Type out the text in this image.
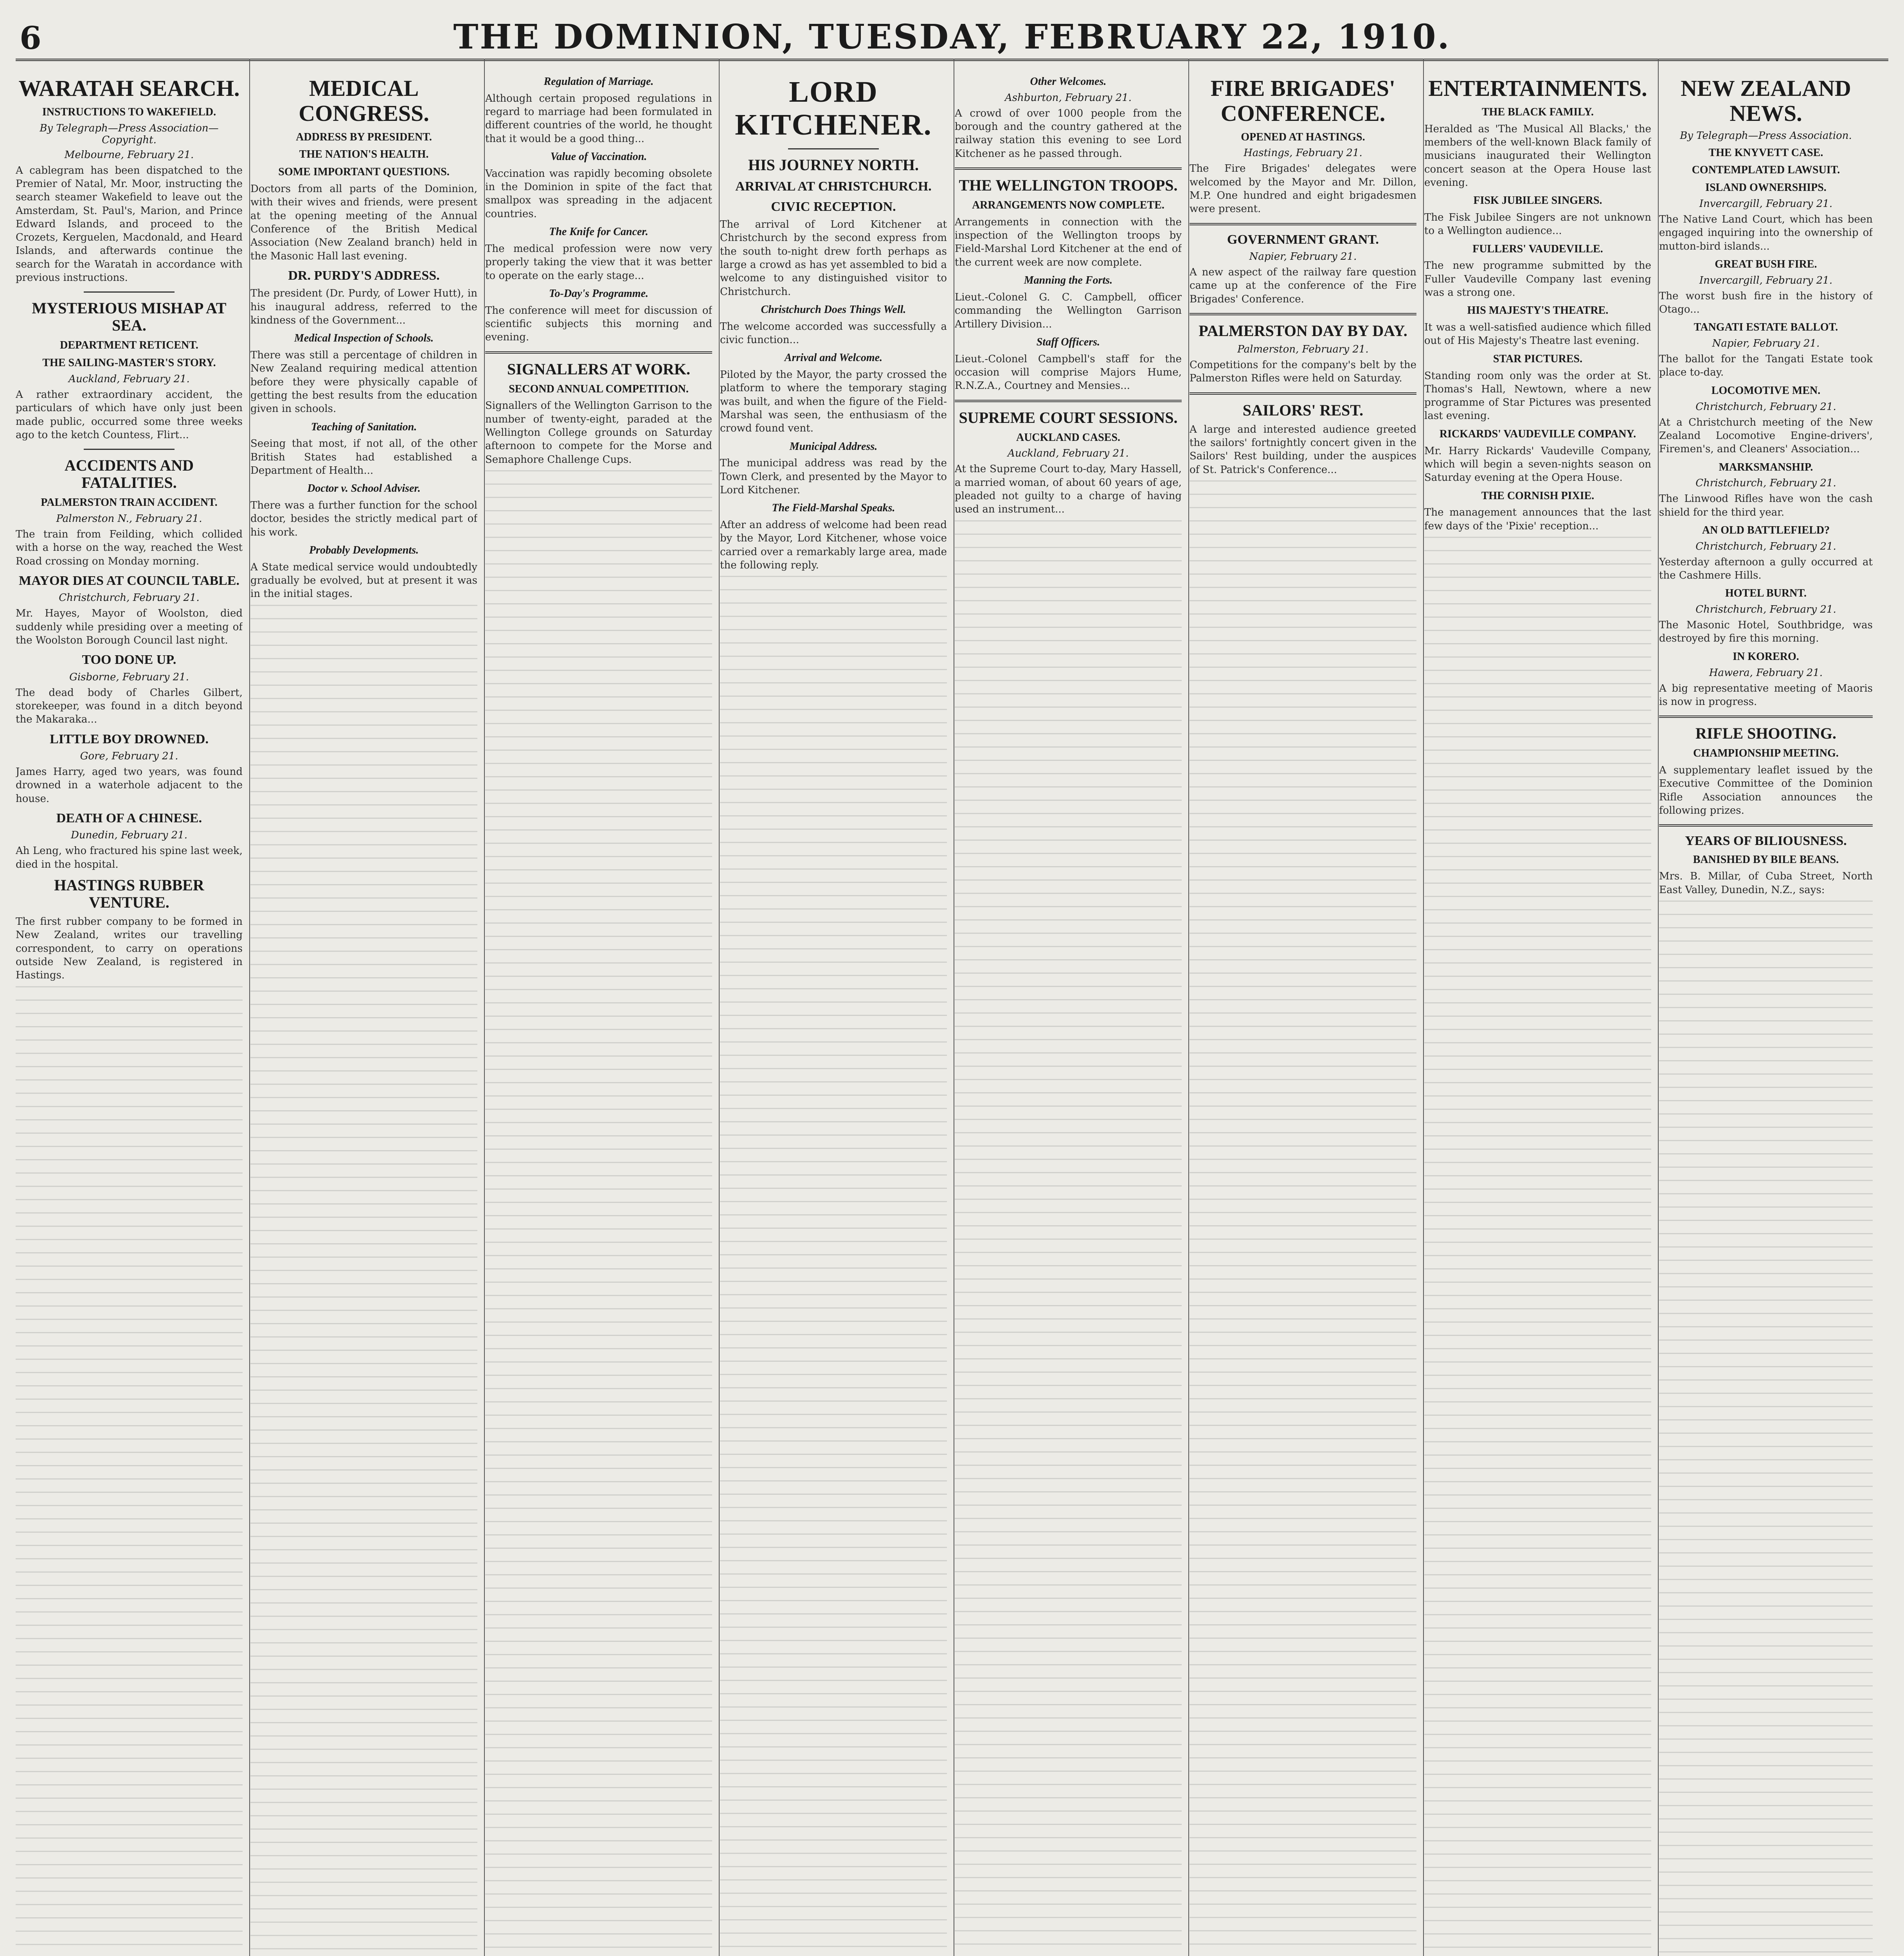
6	THE DOMINION, TUESDAY, FEBRUARY 22, 1910.
WARATAH SEARCH.
INSTRUCTIONS TO WAKEFIELD.
By Telegraph—Press Association—Copyright.
Melbourne, February 21.
A cablegram has been dispatched to the Premier of Natal, Mr. Moor, instructing the search steamer Wakefield to leave out the Amsterdam, St. Paul's, Marion, and Prince Edward Islands, and proceed to the Crozets, Kerguelen, Macdonald, and Heard Islands, and afterwards continue the search for the Waratah in accordance with previous instructions.
MYSTERIOUS MISHAP AT SEA.
DEPARTMENT RETICENT.
THE SAILING-MASTER'S STORY.
Auckland, February 21.
A rather extraordinary accident, the particulars of which have only just been made public, occurred some three weeks ago to the ketch Countess, Flirt...
ACCIDENTS AND FATALITIES.
PALMERSTON TRAIN ACCIDENT.
Palmerston N., February 21.
The train from Feilding, which collided with a horse on the way, reached the West Road crossing on Monday morning.
MAYOR DIES AT COUNCIL TABLE.
Christchurch, February 21.
Mr. Hayes, Mayor of Woolston, died suddenly while presiding over a meeting of the Woolston Borough Council last night.
TOO DONE UP.
Gisborne, February 21.
The dead body of Charles Gilbert, storekeeper, was found in a ditch beyond the Makaraka...
LITTLE BOY DROWNED.
Gore, February 21.
James Harry, aged two years, was found drowned in a waterhole adjacent to the house.
DEATH OF A CHINESE.
Dunedin, February 21.
Ah Leng, who fractured his spine last week, died in the hospital.
HASTINGS RUBBER VENTURE.
The first rubber company to be formed in New Zealand, writes our travelling correspondent, to carry on operations outside New Zealand, is registered in Hastings.
MEDICAL CONGRESS.
ADDRESS BY PRESIDENT.
THE NATION'S HEALTH.
SOME IMPORTANT QUESTIONS.
Doctors from all parts of the Dominion, with their wives and friends, were present at the opening meeting of the Annual Conference of the British Medical Association (New Zealand branch) held in the Masonic Hall last evening.
DR. PURDY'S ADDRESS.
The president (Dr. Purdy, of Lower Hutt), in his inaugural address, referred to the kindness of the Government...
Medical Inspection of Schools.
There was still a percentage of children in New Zealand requiring medical attention before they were physically capable of getting the best results from the education given in schools.
Teaching of Sanitation.
Seeing that most, if not all, of the other British States had established a Department of Health...
Doctor v. School Adviser.
There was a further function for the school doctor, besides the strictly medical part of his work.
Probably Developments.
A State medical service would undoubtedly gradually be evolved, but at present it was in the initial stages.
Regulation of Marriage.
Although certain proposed regulations in regard to marriage had been formulated in different countries of the world, he thought that it would be a good thing...
Value of Vaccination.
Vaccination was rapidly becoming obsolete in the Dominion in spite of the fact that smallpox was spreading in the adjacent countries.
The Knife for Cancer.
The medical profession were now very properly taking the view that it was better to operate on the early stage...
To-Day's Programme.
The conference will meet for discussion of scientific subjects this morning and evening.
SIGNALLERS AT WORK.
SECOND ANNUAL COMPETITION.
Signallers of the Wellington Garrison to the number of twenty-eight, paraded at the Wellington College grounds on Saturday afternoon to compete for the Morse and Semaphore Challenge Cups.
LORD KITCHENER.
HIS JOURNEY NORTH.
ARRIVAL AT CHRISTCHURCH.
CIVIC RECEPTION.
The arrival of Lord Kitchener at Christchurch by the second express from the south to-night drew forth perhaps as large a crowd as has yet assembled to bid a welcome to any distinguished visitor to Christchurch.
Christchurch Does Things Well.
The welcome accorded was successfully a civic function...
Arrival and Welcome.
Piloted by the Mayor, the party crossed the platform to where the temporary staging was built, and when the figure of the Field-Marshal was seen, the enthusiasm of the crowd found vent.
Municipal Address.
The municipal address was read by the Town Clerk, and presented by the Mayor to Lord Kitchener.
The Field-Marshal Speaks.
After an address of welcome had been read by the Mayor, Lord Kitchener, whose voice carried over a remarkably large area, made the following reply.
Other Welcomes.
Ashburton, February 21.
A crowd of over 1000 people from the borough and the country gathered at the railway station this evening to see Lord Kitchener as he passed through.
THE WELLINGTON TROOPS.
ARRANGEMENTS NOW COMPLETE.
Arrangements in connection with the inspection of the Wellington troops by Field-Marshal Lord Kitchener at the end of the current week are now complete.
Manning the Forts.
Lieut.-Colonel G. C. Campbell, officer commanding the Wellington Garrison Artillery Division...
Staff Officers.
Lieut.-Colonel Campbell's staff for the occasion will comprise Majors Hume, R.N.Z.A., Courtney and Mensies...
SUPREME COURT SESSIONS.
AUCKLAND CASES.
Auckland, February 21.
At the Supreme Court to-day, Mary Hassell, a married woman, of about 60 years of age, pleaded not guilty to a charge of having used an instrument...
FIRE BRIGADES' CONFERENCE.
OPENED AT HASTINGS.
Hastings, February 21.
The Fire Brigades' delegates were welcomed by the Mayor and Mr. Dillon, M.P. One hundred and eight brigadesmen were present.
GOVERNMENT GRANT.
Napier, February 21.
A new aspect of the railway fare question came up at the conference of the Fire Brigades' Conference.
PALMERSTON DAY BY DAY.
Palmerston, February 21.
Competitions for the company's belt by the Palmerston Rifles were held on Saturday.
SAILORS' REST.
A large and interested audience greeted the sailors' fortnightly concert given in the Sailors' Rest building, under the auspices of St. Patrick's Conference...
ENTERTAINMENTS.
THE BLACK FAMILY.
Heralded as 'The Musical All Blacks,' the members of the well-known Black family of musicians inaugurated their Wellington concert season at the Opera House last evening.
FISK JUBILEE SINGERS.
The Fisk Jubilee Singers are not unknown to a Wellington audience...
FULLERS' VAUDEVILLE.
The new programme submitted by the Fuller Vaudeville Company last evening was a strong one.
HIS MAJESTY'S THEATRE.
It was a well-satisfied audience which filled out of His Majesty's Theatre last evening.
STAR PICTURES.
Standing room only was the order at St. Thomas's Hall, Newtown, where a new programme of Star Pictures was presented last evening.
RICKARDS' VAUDEVILLE COMPANY.
Mr. Harry Rickards' Vaudeville Company, which will begin a seven-nights season on Saturday evening at the Opera House.
THE CORNISH PIXIE.
The management announces that the last few days of the 'Pixie' reception...
NEW ZEALAND NEWS.
By Telegraph—Press Association.
THE KNYVETT CASE.
CONTEMPLATED LAWSUIT.
ISLAND OWNERSHIPS.
Invercargill, February 21.
The Native Land Court, which has been engaged inquiring into the ownership of mutton-bird islands...
GREAT BUSH FIRE.
Invercargill, February 21.
The worst bush fire in the history of Otago...
TANGATI ESTATE BALLOT.
Napier, February 21.
The ballot for the Tangati Estate took place to-day.
LOCOMOTIVE MEN.
Christchurch, February 21.
At a Christchurch meeting of the New Zealand Locomotive Engine-drivers', Firemen's, and Cleaners' Association...
MARKSMANSHIP.
Christchurch, February 21.
The Linwood Rifles have won the cash shield for the third year.
AN OLD BATTLEFIELD?
Christchurch, February 21.
Yesterday afternoon a gully occurred at the Cashmere Hills.
HOTEL BURNT.
Christchurch, February 21.
The Masonic Hotel, Southbridge, was destroyed by fire this morning.
IN KORERO.
Hawera, February 21.
A big representative meeting of Maoris is now in progress.
RIFLE SHOOTING.
CHAMPIONSHIP MEETING.
A supplementary leaflet issued by the Executive Committee of the Dominion Rifle Association announces the following prizes.
YEARS OF BILIOUSNESS.
BANISHED BY BILE BEANS.
Mrs. B. Millar, of Cuba Street, North East Valley, Dunedin, N.Z., says:
